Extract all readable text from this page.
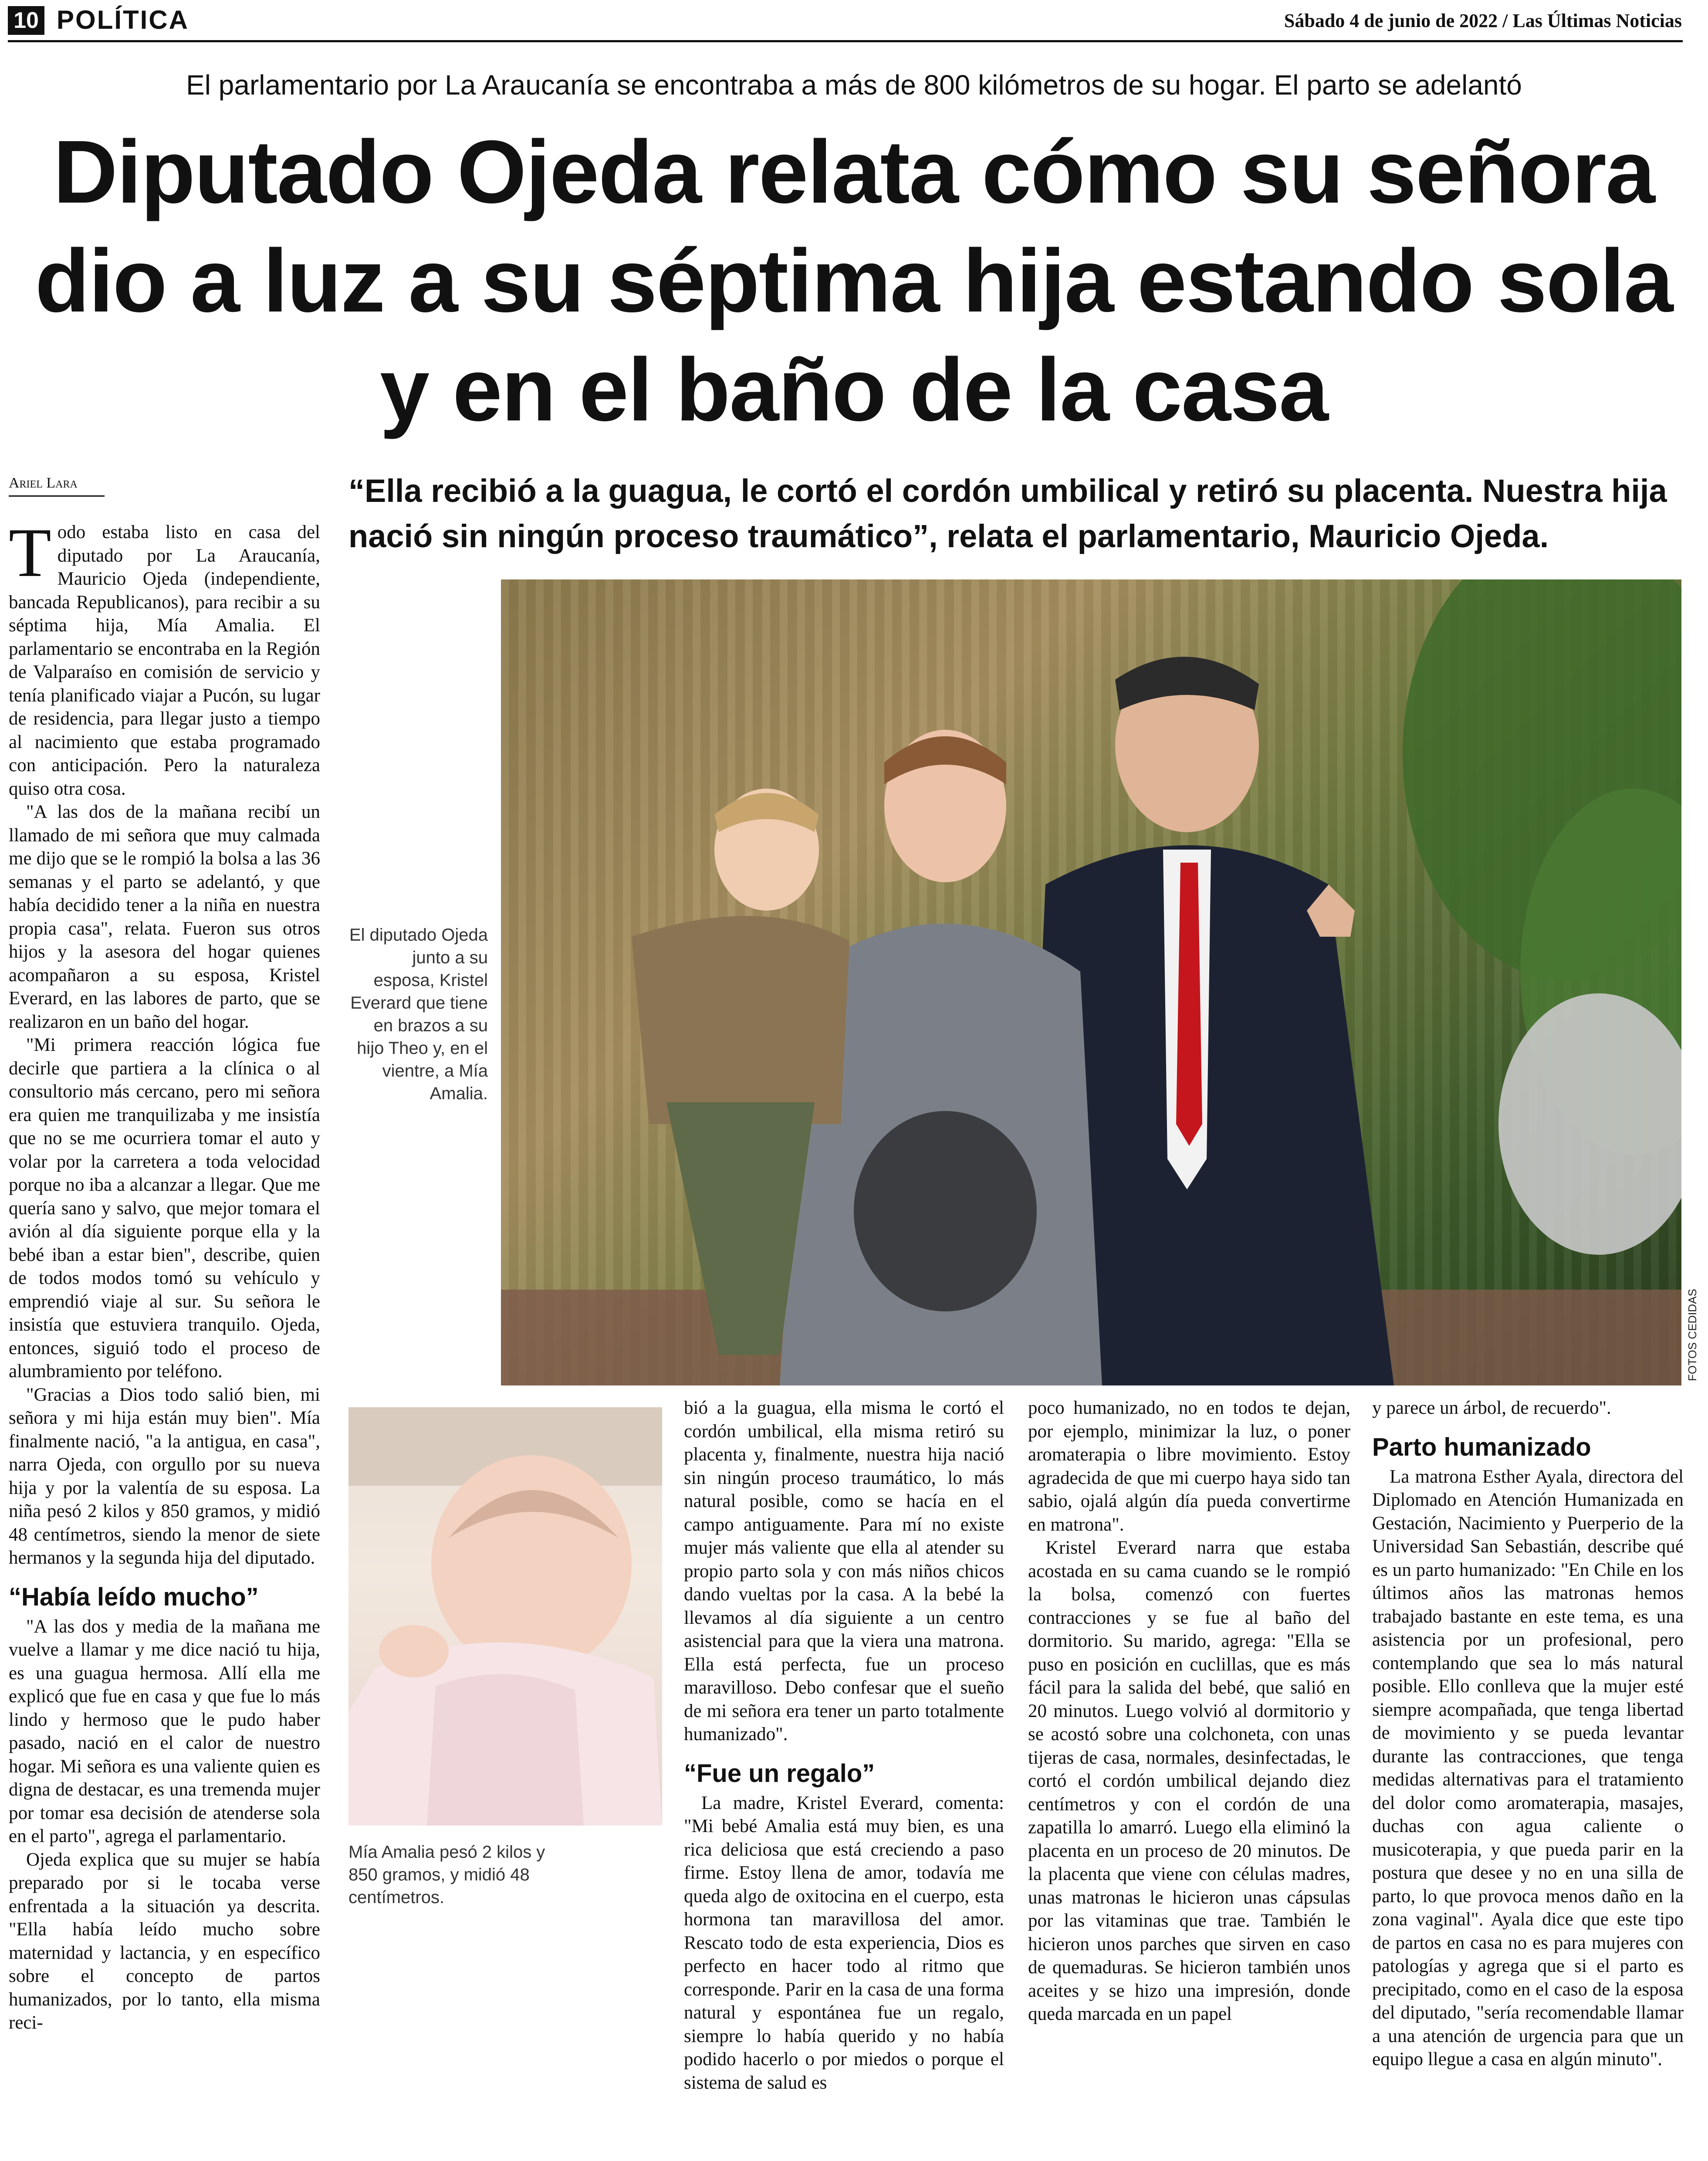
10 POLÍTICA	Sábado 4 de junio de 2022 / Las Últimas Noticias
El parlamentario por La Araucanía se encontraba a más de 800 kilómetros de su hogar. El parto se adelantó
Diputado Ojeda relata cómo su señora dio a luz a su séptima hija estando sola y en el baño de la casa
Ariel Lara	“Ella recibió a la guagua, le cortó el cordón umbilical y retiró su placenta. Nuestra hija nació sin ningún proceso traumático”, relata el parlamentario, Mauricio Ojeda.

Todo estaba listo en casa del diputado por La Araucanía, Mauricio Ojeda (independiente, bancada Republicanos), para recibir a su séptima hija, Mía Amalia. El parlamentario se encontraba en la Región de Valparaíso en comisión de servicio y tenía planificado viajar a Pucón, su lugar de residencia, para llegar justo a tiempo al nacimiento que estaba programado con anticipación. Pero la naturaleza quiso otra cosa.

"A las dos de la mañana recibí un llamado de mi señora que muy calmada me dijo que se le rompió la bolsa a las 36 semanas y el parto se adelantó, y que había decidido tener a la niña en nuestra propia casa", relata. Fueron sus otros hijos y la asesora del hogar quienes acompañaron a su esposa, Kristel Everard, en las labores de parto, que se realizaron en un baño del hogar.

"Mi primera reacción lógica fue decirle que partiera a la clínica o al consultorio más cercano, pero mi señora era quien me tranquilizaba y me insistía que no se me ocurriera tomar el auto y volar por la carretera a toda velocidad porque no iba a alcanzar a llegar. Que me quería sano y salvo, que mejor tomara el avión al día siguiente porque ella y la bebé iban a estar bien", describe, quien de todos modos tomó su vehículo y emprendió viaje al sur. Su señora le insistía que estuviera tranquilo. Ojeda, entonces, siguió todo el proceso de alumbramiento por teléfono.

"Gracias a Dios todo salió bien, mi señora y mi hija están muy bien". Mía finalmente nació, "a la antigua, en casa", narra Ojeda, con orgullo por su nueva hija y por la valentía de su esposa. La niña pesó 2 kilos y 850 gramos, y midió 48 centímetros, siendo la menor de siete hermanos y la segunda hija del diputado.

“Había leído mucho”

"A las dos y media de la mañana me vuelve a llamar y me dice nació tu hija, es una guagua hermosa. Allí ella me explicó que fue en casa y que fue lo más lindo y hermoso que le pudo haber pasado, nació en el calor de nuestro hogar. Mi señora es una valiente quien es digna de destacar, es una tremenda mujer por tomar esa decisión de atenderse sola en el parto", agrega el parlamentario.

Ojeda explica que su mujer se había preparado por si le tocaba verse enfrentada a la situación ya descrita. "Ella había leído mucho sobre maternidad y lactancia, y en específico sobre el concepto de partos humanizados, por lo tanto, ella misma reci-

FOTOS CEDIDAS
El diputado Ojeda junto a su esposa, Kristel Everard que tiene en brazos a su hijo Theo y, en el vientre, a Mía Amalia.
Mía Amalia pesó 2 kilos y 850 gramos, y midió 48 centímetros.

bió a la guagua, ella misma le cortó el cordón umbilical, ella misma retiró su placenta y, finalmente, nuestra hija nació sin ningún proceso traumático, lo más natural posible, como se hacía en el campo antiguamente. Para mí no existe mujer más valiente que ella al atender su propio parto sola y con más niños chicos dando vueltas por la casa. A la bebé la llevamos al día siguiente a un centro asistencial para que la viera una matrona. Ella está perfecta, fue un proceso maravilloso. Debo confesar que el sueño de mi señora era tener un parto totalmente humanizado".

“Fue un regalo”

La madre, Kristel Everard, comenta: "Mi bebé Amalia está muy bien, es una rica deliciosa que está creciendo a paso firme. Estoy llena de amor, todavía me queda algo de oxitocina en el cuerpo, esta hormona tan maravillosa del amor. Rescato todo de esta experiencia, Dios es perfecto en hacer todo al ritmo que corresponde. Parir en la casa de una forma natural y espontánea fue un regalo, siempre lo había querido y no había podido hacerlo o por miedos o porque el sistema de salud es

poco humanizado, no en todos te dejan, por ejemplo, minimizar la luz, o poner aromaterapia o libre movimiento. Estoy agradecida de que mi cuerpo haya sido tan sabio, ojalá algún día pueda convertirme en matrona".

Kristel Everard narra que estaba acostada en su cama cuando se le rompió la bolsa, comenzó con fuertes contracciones y se fue al baño del dormitorio. Su marido, agrega: "Ella se puso en posición en cuclillas, que es más fácil para la salida del bebé, que salió en 20 minutos. Luego volvió al dormitorio y se acostó sobre una colchoneta, con unas tijeras de casa, normales, desinfectadas, le cortó el cordón umbilical dejando diez centímetros y con el cordón de una zapatilla lo amarró. Luego ella eliminó la placenta en un proceso de 20 minutos. De la placenta que viene con células madres, unas matronas le hicieron unas cápsulas por las vitaminas que trae. También le hicieron unos parches que sirven en caso de quemaduras. Se hicieron también unos aceites y se hizo una impresión, donde queda marcada en un papel

y parece un árbol, de recuerdo".

Parto humanizado

La matrona Esther Ayala, directora del Diplomado en Atención Humanizada en Gestación, Nacimiento y Puerperio de la Universidad San Sebastián, describe qué es un parto humanizado: "En Chile en los últimos años las matronas hemos trabajado bastante en este tema, es una asistencia por un profesional, pero contemplando que sea lo más natural posible. Ello conlleva que la mujer esté siempre acompañada, que tenga libertad de movimiento y se pueda levantar durante las contracciones, que tenga medidas alternativas para el tratamiento del dolor como aromaterapia, masajes, duchas con agua caliente o musicoterapia, y que pueda parir en la postura que desee y no en una silla de parto, lo que provoca menos daño en la zona vaginal". Ayala dice que este tipo de partos en casa no es para mujeres con patologías y agrega que si el parto es precipitado, como en el caso de la esposa del diputado, "sería recomendable llamar a una atención de urgencia para que un equipo llegue a casa en algún minuto".
